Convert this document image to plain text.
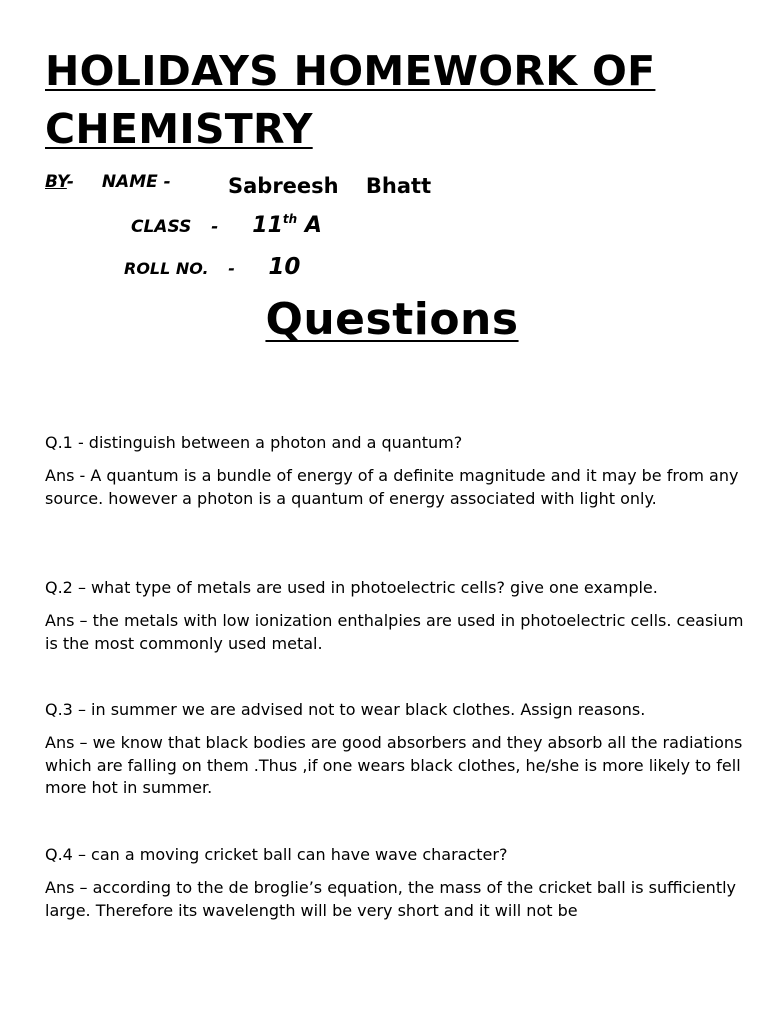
HOLIDAYS HOMEWORK OF CHEMISTRY
BY- NAME -	Sabreesh Bhatt
CLASS - 11th A
ROLL NO. - 10
Questions

Q.1 - distinguish between a photon and a quantum?

Ans - A quantum is a bundle of energy of a definite magnitude and it may be from any source. however a photon is a quantum of energy associated with light only.

Q.2 – what type of metals are used in photoelectric cells? give one example.

Ans – the metals with low ionization enthalpies are used in photoelectric cells. ceasium is the most commonly used metal.

Q.3 – in summer we are advised not to wear black clothes. Assign reasons.

Ans – we know that black bodies are good absorbers and they absorb all the radiations which are falling on them .Thus ,if one wears black clothes, he/she is more likely to fell more hot in summer.

Q.4 – can a moving cricket ball can have wave character?

Ans – according to the de broglie’s equation, the mass of the cricket ball is sufficiently large. Therefore its wavelength will be very short and it will not be
